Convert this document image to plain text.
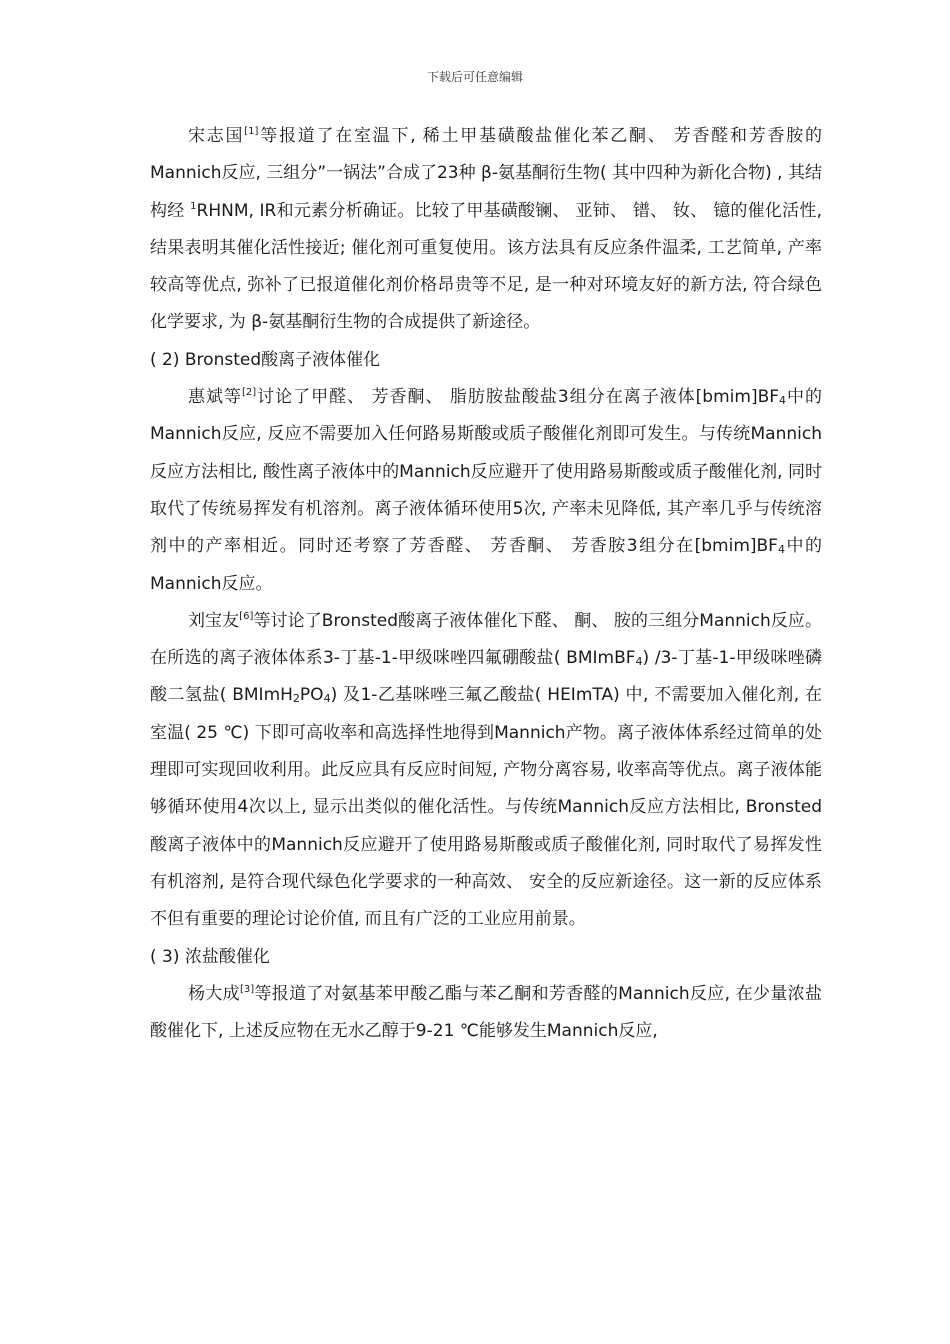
下载后可任意编辑

宋志国[1]等报道了在室温下, 稀土甲基磺酸盐催化苯乙酮、 芳香醛和芳香胺的Mannich反应, 三组分”一锅法”合成了23种 β-氨基酮衍生物( 其中四种为新化合物) , 其结构经 $^1$RHNM, IR和元素分析确证。比较了甲基磺酸镧、 亚铈、 镨、 钕、 镱的催化活性, 结果表明其催化活性接近; 催化剂可重复使用。该方法具有反应条件温柔, 工艺简单, 产率较高等优点, 弥补了已报道催化剂价格昂贵等不足, 是一种对环境友好的新方法, 符合绿色化学要求, 为 β-氨基酮衍生物的合成提供了新途径。

( 2) Bronsted酸离子液体催化

惠斌等[2]讨论了甲醛、 芳香酮、 脂肪胺盐酸盐3组分在离子液体$[bmim]BF_4$中的Mannich反应, 反应不需要加入任何路易斯酸或质子酸催化剂即可发生。与传统Mannich反应方法相比, 酸性离子液体中的Mannich反应避开了使用路易斯酸或质子酸催化剂, 同时取代了传统易挥发有机溶剂。离子液体循环使用5次, 产率未见降低, 其产率几乎与传统溶剂中的产率相近。同时还考察了芳香醛、 芳香酮、 芳香胺3组分在$[bmim]BF_4$中的Mannich反应。

刘宝友[6]等讨论了Bronsted酸离子液体催化下醛、 酮、 胺的三组分Mannich反应。在所选的离子液体体系3-丁基-1-甲级咪唑四氟硼酸盐( BMImBF$_4$) /3-丁基-1-甲级咪唑磷酸二氢盐( $BMImH_2PO_4$) 及1-乙基咪唑三氟乙酸盐( HEImTA) 中, 不需要加入催化剂, 在室温( 25 ℃) 下即可高收率和高选择性地得到Mannich产物。离子液体体系经过简单的处理即可实现回收利用。此反应具有反应时间短, 产物分离容易, 收率高等优点。离子液体能够循环使用4次以上, 显示出类似的催化活性。与传统Mannich反应方法相比, Bronsted酸离子液体中的Mannich反应避开了使用路易斯酸或质子酸催化剂, 同时取代了易挥发性有机溶剂, 是符合现代绿色化学要求的一种高效、 安全的反应新途径。这一新的反应体系不但有重要的理论讨论价值, 而且有广泛的工业应用前景。

( 3) 浓盐酸催化

杨大成[3]等报道了对氨基苯甲酸乙酯与苯乙酮和芳香醛的Mannich反应, 在少量浓盐酸催化下, 上述反应物在无水乙醇于9-21 ℃能够发生Mannich反应,
